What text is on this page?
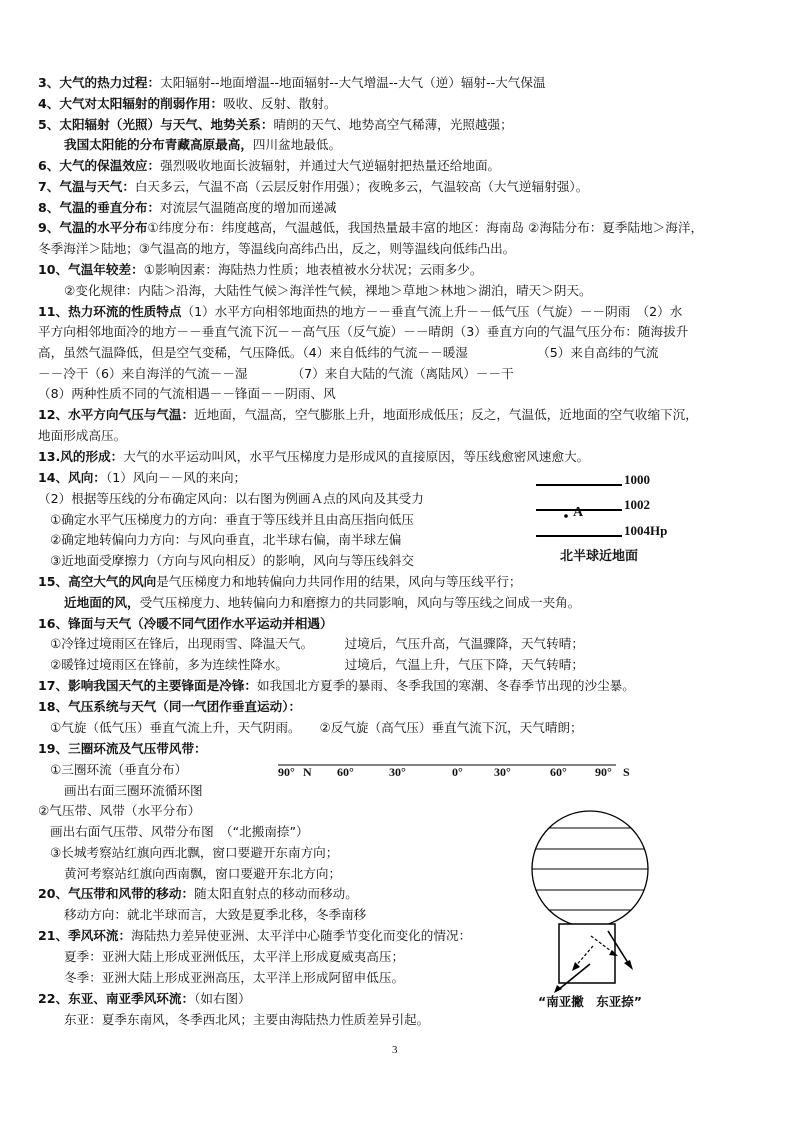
3、大气的热力过程：太阳辐射--地面增温--地面辐射--大气增温--大气（逆）辐射--大气保温
4、大气对太阳辐射的削弱作用：吸收、反射、散射。
5、太阳辐射（光照）与天气、地势关系：晴朗的天气、地势高空气稀薄，光照越强；
我国太阳能的分布青藏高原最高，四川盆地最低。
6、大气的保温效应：强烈吸收地面长波辐射，并通过大气逆辐射把热量还给地面。
7、气温与天气：白天多云，气温不高（云层反射作用强）；夜晚多云，气温较高（大气逆辐射强）。
8、气温的垂直分布：对流层气温随高度的增加而递减
9、气温的水平分布①纬度分布：纬度越高，气温越低，我国热量最丰富的地区：海南岛 ②海陆分布：夏季陆地＞海洋，
冬季海洋＞陆地；③气温高的地方，等温线向高纬凸出，反之，则等温线向低纬凸出。
10、气温年较差：①影响因素：海陆热力性质；地表植被水分状况；云雨多少。
②变化规律：内陆＞沿海，大陆性气候＞海洋性气候，裸地＞草地＞林地＞湖泊，晴天＞阴天。
11、热力环流的性质特点（1）水平方向相邻地面热的地方－－垂直气流上升－－低气压（气旋）－－阴雨　（2）水
平方向相邻地面冷的地方－－垂直气流下沉－－高气压（反气旋）－－晴朗（3）垂直方向的气温气压分布：随海拔升
高，虽然气温降低，但是空气变稀，气压降低。（4）来自低纬的气流－－暖湿　　　　　　（5）来自高纬的气流
－－冷干（6）来自海洋的气流－－湿　　　　（7）来自大陆的气流（离陆风）－－干
（8）两种性质不同的气流相遇－－锋面－－阴雨、风
12、水平方向气压与气温：近地面，气温高，空气膨胀上升，地面形成低压；反之，气温低，近地面的空气收缩下沉，
地面形成高压。
13.风的形成：大气的水平运动叫风，水平气压梯度力是形成风的直接原因，等压线愈密风速愈大。
14、风向：（1）风向－－风的来向；
（2）根据等压线的分布确定风向：以右图为例画Ａ点的风向及其受力
①确定水平气压梯度力的方向：垂直于等压线并且由高压指向低压
②确定地转偏向力方向：与风向垂直，北半球右偏，南半球左偏
③近地面受摩擦力（方向与风向相反）的影响，风向与等压线斜交
15、高空大气的风向是气压梯度力和地转偏向力共同作用的结果，风向与等压线平行；
近地面的风，受气压梯度力、地转偏向力和磨擦力的共同影响，风向与等压线之间成一夹角。
16、锋面与天气（冷暖不同气团作水平运动并相遇）
①冷锋过境雨区在锋后，出现雨雪、降温天气。　　　过境后，气压升高，气温骤降，天气转晴；
②暖锋过境雨区在锋前，多为连续性降水。　　　　　过境后，气温上升，气压下降，天气转晴；
17、影响我国天气的主要锋面是冷锋：如我国北方夏季的暴雨、冬季我国的寒潮、冬春季节出现的沙尘暴。
18、气压系统与天气（同一气团作垂直运动）：
①气旋（低气压）垂直气流上升，天气阴雨。　　②反气旋（高气压）垂直气流下沉，天气晴朗；
19、三圈环流及气压带风带：
①三圈环流（垂直分布）
画出右面三圈环流循环图
②气压带、风带（水平分布）
画出右面气压带、风带分布图　（“北搬南捺”）
③长城考察站红旗向西北飘，窗口要避开东南方向；
黄河考察站红旗向西南飘，窗口要避开东北方向；
20、气压带和风带的移动：随太阳直射点的移动而移动。
移动方向：就北半球而言，大致是夏季北移，冬季南移
21、季风环流：海陆热力差异使亚洲、太平洋中心随季节变化而变化的情况：
夏季：亚洲大陆上形成亚洲低压，太平洋上形成夏威夷高压；
冬季：亚洲大陆上形成亚洲高压，太平洋上形成阿留申低压。
22、东亚、南亚季风环流：（如右图）
东亚：夏季东南风，冬季西北风；主要由海陆热力性质差异引起。
1000
1002
1004Hp
A
北半球近地面
90° N 60°	30°	0°	30°	60° 90° S
“南亚撇　东亚捺”
3
